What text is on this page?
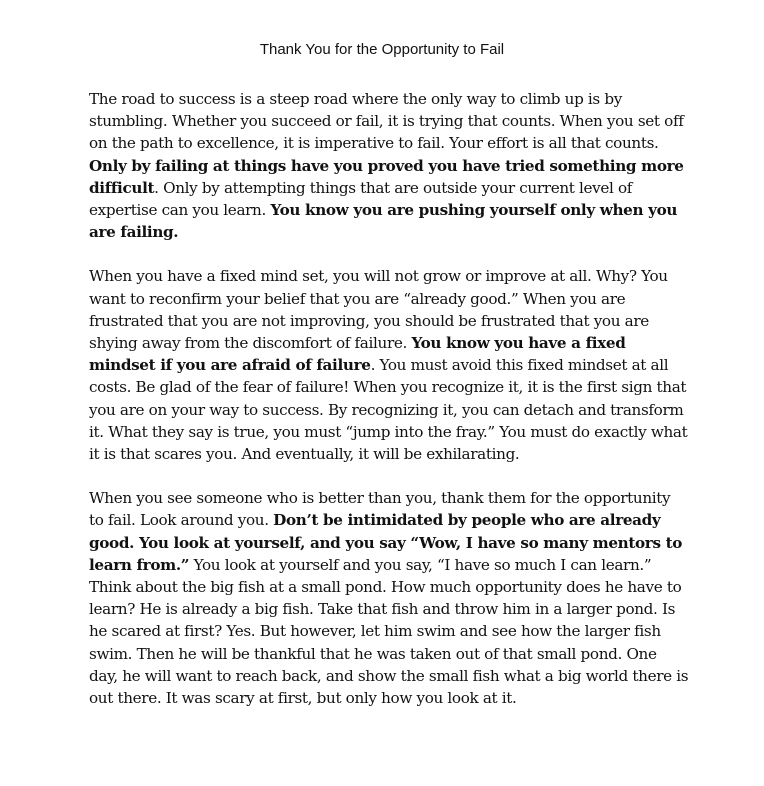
Thank You for the Opportunity to Fail

The road to success is a steep road where the only way to climb up is by stumbling. Whether you succeed or fail, it is trying that counts. When you set off on the path to excellence, it is imperative to fail. Your effort is all that counts. Only by failing at things have you proved you have tried something more difficult. Only by attempting things that are outside your current level of expertise can you learn. You know you are pushing yourself only when you are failing.

When you have a fixed mind set, you will not grow or improve at all. Why? You want to reconfirm your belief that you are “already good.” When you are frustrated that you are not improving, you should be frustrated that you are shying away from the discomfort of failure. You know you have a fixed mindset if you are afraid of failure. You must avoid this fixed mindset at all costs. Be glad of the fear of failure! When you recognize it, it is the first sign that you are on your way to success. By recognizing it, you can detach and transform it. What they say is true, you must “jump into the fray.” You must do exactly what it is that scares you. And eventually, it will be exhilarating.

When you see someone who is better than you, thank them for the opportunity to fail. Look around you. Don’t be intimidated by people who are already good. You look at yourself, and you say “Wow, I have so many mentors to learn from.” You look at yourself and you say, “I have so much I can learn.” Think about the big fish at a small pond. How much opportunity does he have to learn? He is already a big fish. Take that fish and throw him in a larger pond. Is he scared at first? Yes. But however, let him swim and see how the larger fish swim. Then he will be thankful that he was taken out of that small pond. One day, he will want to reach back, and show the small fish what a big world there is out there. It was scary at first, but only how you look at it.
